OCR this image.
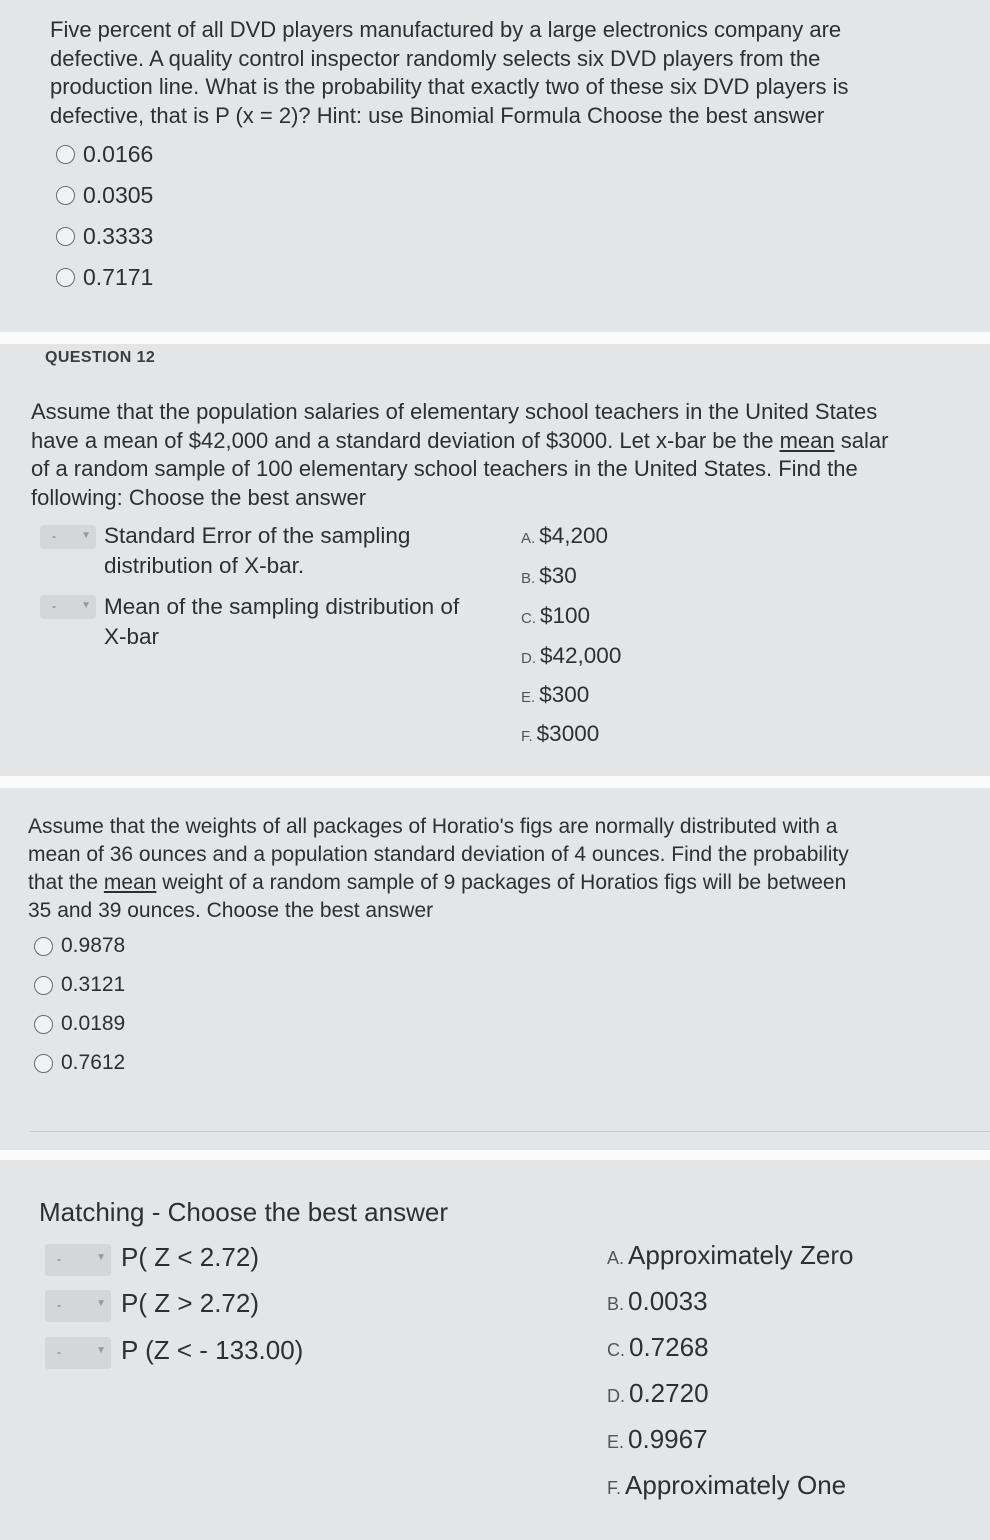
Five percent of all DVD players manufactured by a large electronics company are
defective. A quality control inspector randomly selects six DVD players from the
production line. What is the probability that exactly two of these six DVD players is
defective, that is P (x = 2)? Hint: use Binomial Formula Choose the best answer
0.0166
0.0305
0.3333
0.7171
QUESTION 12
Assume that the population salaries of elementary school teachers in the United States
have a mean of $42,000 and a standard deviation of $3000. Let x-bar be the mean salar
of a random sample of 100 elementary school teachers in the United States. Find the
following: Choose the best answer
-	▼ Standard Error of the sampling
distribution of X-bar.
-	▼ Mean of the sampling distribution of
X-bar
A. $4,200
B. $30
C. $100
D. $42,000
E. $300
F. $3000
Assume that the weights of all packages of Horatio's figs are normally distributed with a
mean of 36 ounces and a population standard deviation of 4 ounces. Find the probability
that the mean weight of a random sample of 9 packages of Horatios figs will be between
35 and 39 ounces. Choose the best answer
0.9878
0.3121
0.0189
0.7612
Matching - Choose the best answer
-	▼ P( Z < 2.72)
-	▼ P( Z > 2.72)
-	▼ P (Z < - 133.00)
A. Approximately Zero
B. 0.0033
C. 0.7268
D. 0.2720
E. 0.9967
F. Approximately One
